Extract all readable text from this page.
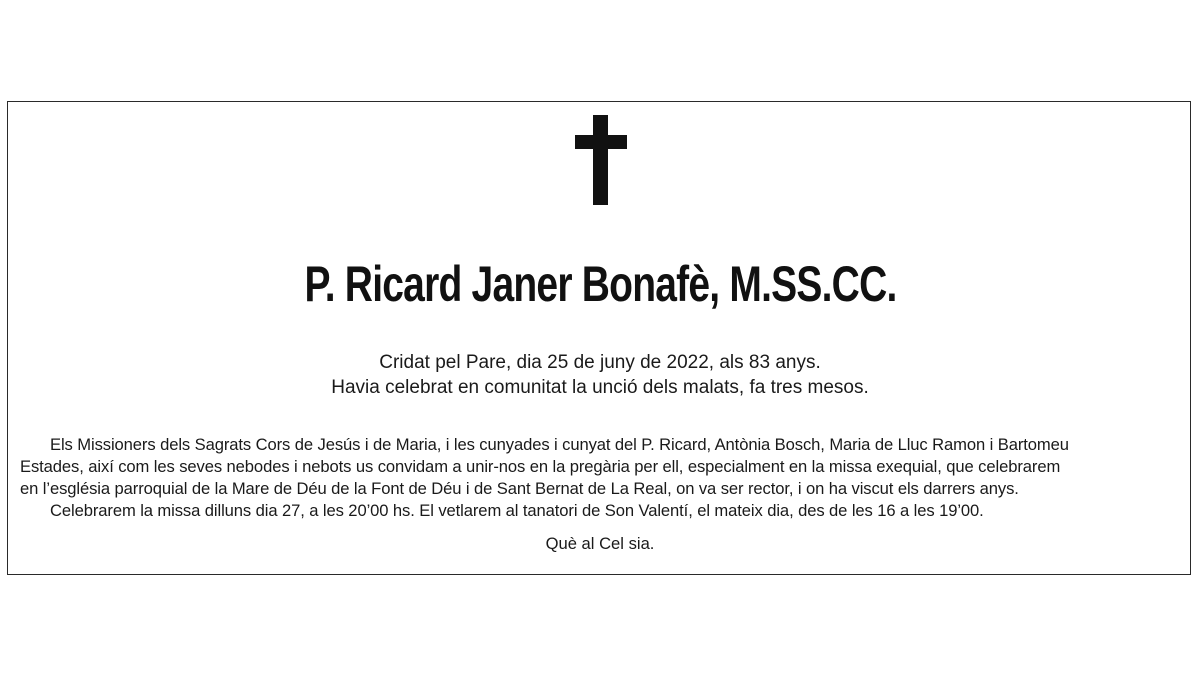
P. Ricard Janer Bonafè, M.SS.CC.
Cridat pel Pare, dia 25 de juny de 2022, als 83 anys.
Havia celebrat en comunitat la unció dels malats, fa tres mesos.
Els Missioners dels Sagrats Cors de Jesús i de Maria, i les cunyades i cunyat del P. Ricard, Antònia Bosch, Maria de Lluc Ramon i Bartomeu
Estades, així com les seves nebodes i nebots us convidam a unir-nos en la pregària per ell, especialment en la missa exequial, que celebrarem
en l’església parroquial de la Mare de Déu de la Font de Déu i de Sant Bernat de La Real, on va ser rector, i on ha viscut els darrers anys.
Celebrarem la missa dilluns dia 27, a les 20’00 hs. El vetlarem al tanatori de Son Valentí, el mateix dia, des de les 16 a les 19’00.
Què al Cel sia.
